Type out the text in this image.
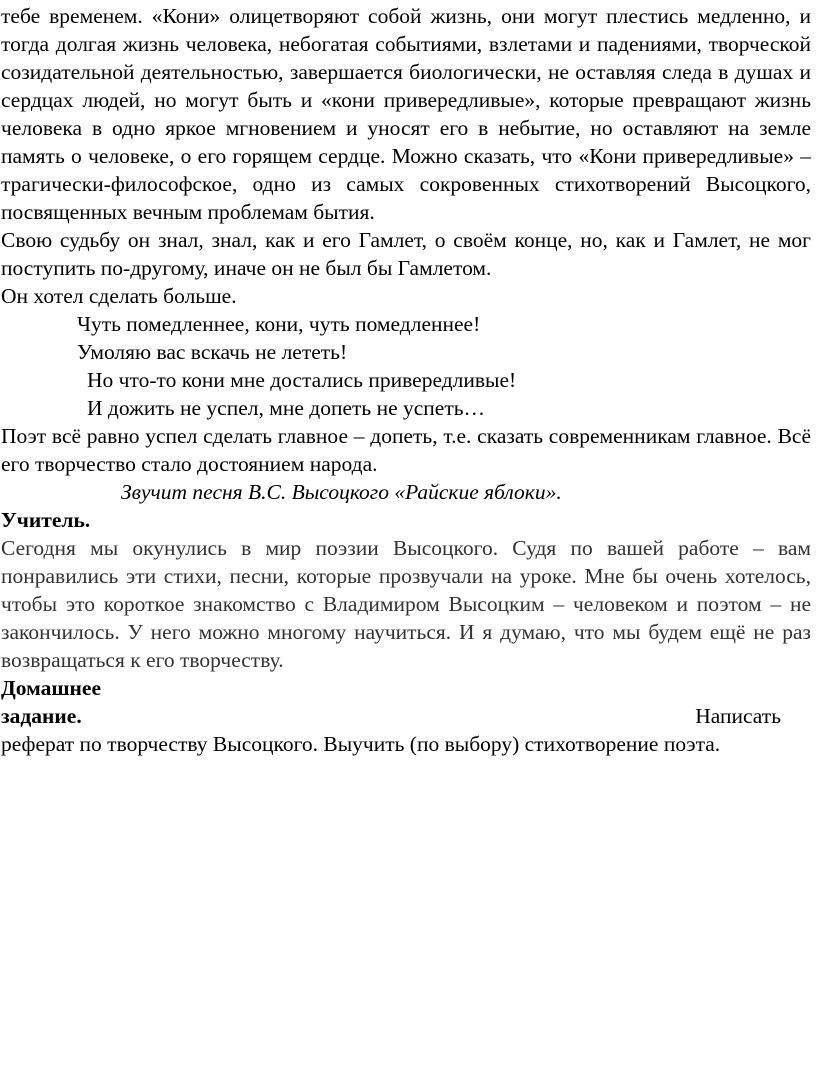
тебе временем. «Кони» олицетворяют собой жизнь, они могут плестись медленно, и тогда долгая жизнь человека, небогатая событиями, взлетами и падениями, творческой созидательной деятельностью, завершается биологически, не оставляя следа в душах и сердцах людей, но могут быть и «кони привередливые», которые превращают жизнь человека в одно яркое мгновением и уносят его в небытие, но оставляют на земле память о человеке, о его горящем сердце. Можно сказать, что «Кони привередливые» – трагически-философское, одно из самых сокровенных стихотворений Высоцкого, посвященных вечным проблемам бытия.

Свою судьбу он знал, знал, как и его Гамлет, о своём конце, но, как и Гамлет, не мог поступить по-другому, иначе он не был бы Гамлетом.

Он хотел сделать больше.

Чуть помедленнее, кони, чуть помедленнее!
Умоляю вас вскачь не лететь!
Но что-то кони мне достались привередливые!
И дожить не успел, мне допеть не успеть…

Поэт всё равно успел сделать главное – допеть, т.е. сказать современникам главное. Всё его творчество стало достоянием народа.

Звучит песня В.С. Высоцкого «Райские яблоки».

Учитель.

Сегодня мы окунулись в мир поэзии Высоцкого. Судя по вашей работе – вам понравились эти стихи, песни, которые прозвучали на уроке. Мне бы очень хотелось, чтобы это короткое знакомство с Владимиром Высоцким – человеком и поэтом – не закончилось. У него можно многому научиться. И я думаю, что мы будем ещё не раз возвращаться к его творчеству.

Домашнее
задание.	Написать

реферат по творчеству Высоцкого. Выучить (по выбору) стихотворение поэта.
